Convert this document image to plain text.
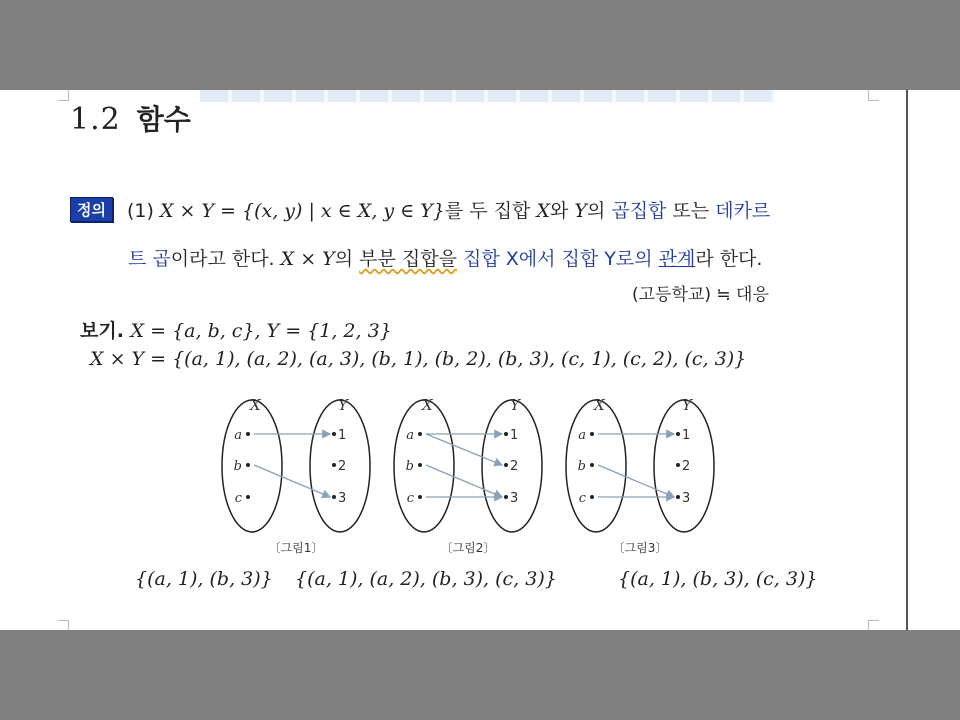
1.2 함수
정의 (1) X × Y = {(x, y) | x ∈ X, y ∈ Y}를 두 집합 X와 Y의 곱집합 또는 데카르
트 곱이라고 한다. X × Y의 부분 집합을 집합 X에서 집합 Y로의 관계라 한다.
(고등학교) ≒ 대응
보기. X = {a, b, c}, Y = {1, 2, 3}
X × Y = {(a, 1), (a, 2), (a, 3), (b, 1), (b, 2), (b, 3), (c, 1), (c, 2), (c, 3)}
X	Y
a
b
c
1
2
3
〔그림1〕
X	Y
a
b
c
1
2
3
〔그림2〕
X	Y
a
b
c
1
2
3
〔그림3〕
{(a, 1), (b, 3)} {(a, 1), (a, 2), (b, 3), (c, 3)}	{(a, 1), (b, 3), (c, 3)}
